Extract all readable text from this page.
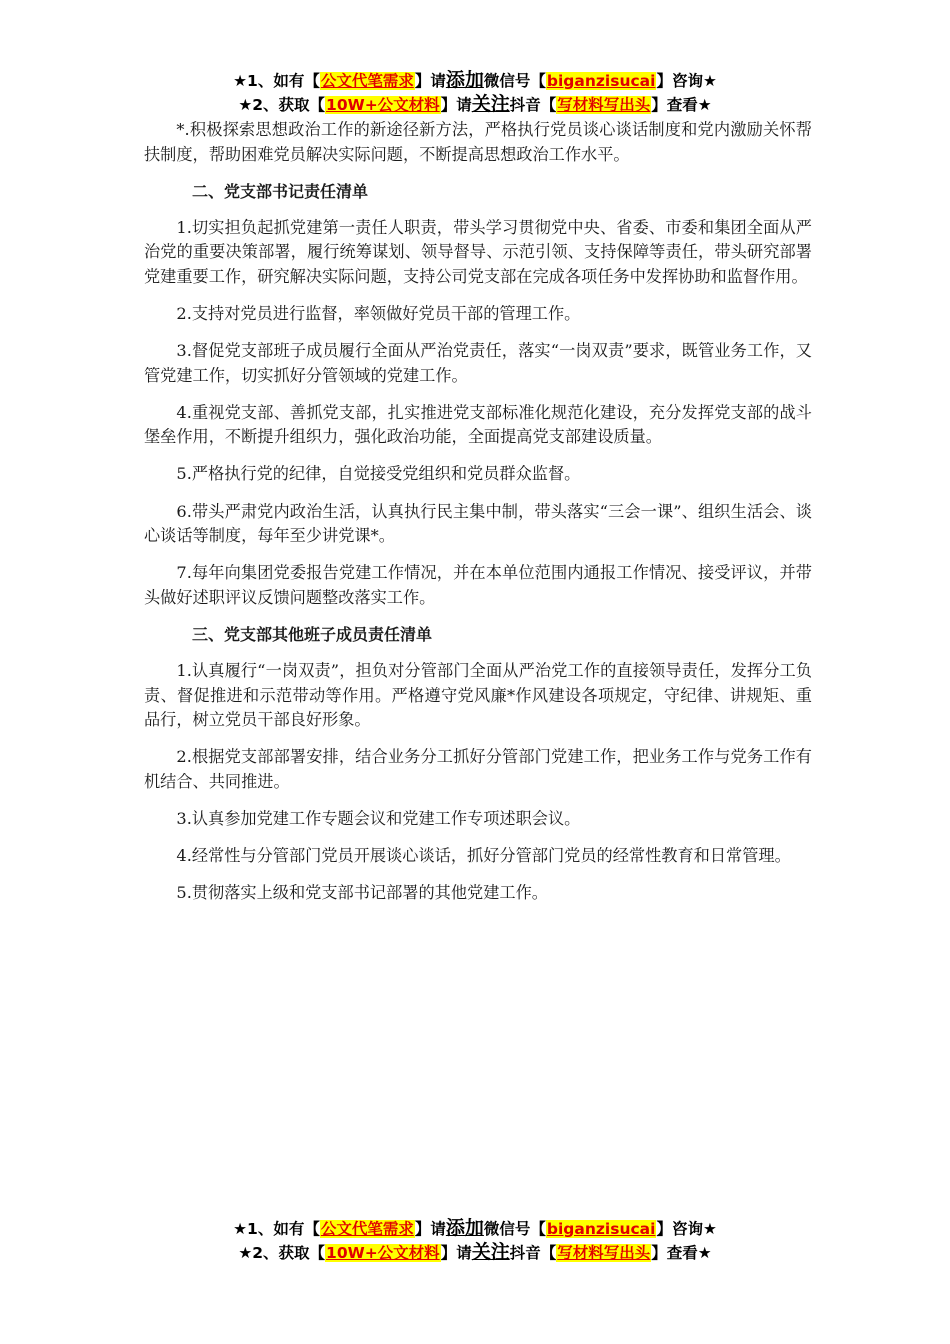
★1、如有【公文代笔需求】请添加微信号【biganzisucai】咨询★
★2、获取【10W+公文材料】请关注抖音【写材料写出头】查看★

*.积极探索思想政治工作的新途径新方法，严格执行党员谈心谈话制度和党内激励关怀帮扶制度，帮助困难党员解决实际问题，不断提高思想政治工作水平。

二、党支部书记责任清单

1.切实担负起抓党建第一责任人职责，带头学习贯彻党中央、省委、市委和集团全面从严治党的重要决策部署，履行统筹谋划、领导督导、示范引领、支持保障等责任，带头研究部署党建重要工作，研究解决实际问题，支持公司党支部在完成各项任务中发挥协助和监督作用。

2.支持对党员进行监督，率领做好党员干部的管理工作。

3.督促党支部班子成员履行全面从严治党责任，落实“一岗双责”要求，既管业务工作，又管党建工作，切实抓好分管领域的党建工作。

4.重视党支部、善抓党支部，扎实推进党支部标准化规范化建设，充分发挥党支部的战斗堡垒作用，不断提升组织力，强化政治功能，全面提高党支部建设质量。

5.严格执行党的纪律，自觉接受党组织和党员群众监督。

6.带头严肃党内政治生活，认真执行民主集中制，带头落实“三会一课”、组织生活会、谈心谈话等制度，每年至少讲党课*。

7.每年向集团党委报告党建工作情况，并在本单位范围内通报工作情况、接受评议，并带头做好述职评议反馈问题整改落实工作。

三、党支部其他班子成员责任清单

1.认真履行“一岗双责”，担负对分管部门全面从严治党工作的直接领导责任，发挥分工负责、督促推进和示范带动等作用。严格遵守党风廉*作风建设各项规定，守纪律、讲规矩、重品行，树立党员干部良好形象。

2.根据党支部部署安排，结合业务分工抓好分管部门党建工作，把业务工作与党务工作有机结合、共同推进。

3.认真参加党建工作专题会议和党建工作专项述职会议。

4.经常性与分管部门党员开展谈心谈话，抓好分管部门党员的经常性教育和日常管理。

5.贯彻落实上级和党支部书记部署的其他党建工作。

★1、如有【公文代笔需求】请添加微信号【biganzisucai】咨询★
★2、获取【10W+公文材料】请关注抖音【写材料写出头】查看★
